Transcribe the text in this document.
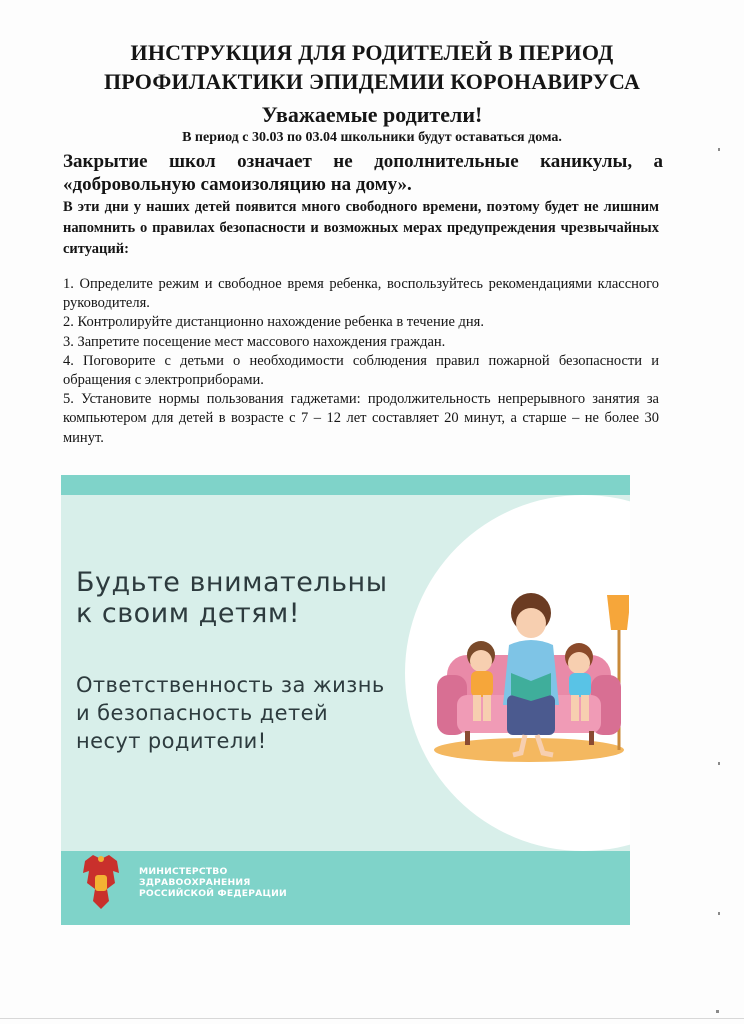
ИНСТРУКЦИЯ ДЛЯ РОДИТЕЛЕЙ В ПЕРИОД
ПРОФИЛАКТИКИ ЭПИДЕМИИ КОРОНАВИРУСА
Уважаемые родители!
В период с 30.03 по 03.04 школьники будут оставаться дома.
Закрытие школ означает не дополнительные каникулы, а «добровольную самоизоляцию на дому».
В эти дни у наших детей появится много свободного времени, поэтому будет не лишним напомнить о правилах безопасности и возможных мерах предупреждения чрезвычайных ситуаций:

1. Определите режим и свободное время ребенка, воспользуйтесь рекомендациями классного руководителя.

2. Контролируйте дистанционно нахождение ребенка в течение дня.

3. Запретите посещение мест массового нахождения граждан.

4. Поговорите с детьми о необходимости соблюдения правил пожарной безопасности и обращения с электроприборами.

5. Установите нормы пользования гаджетами: продолжительность непрерывного занятия за компьютером для детей в возрасте с 7 – 12 лет составляет 20 минут, а старше – не более 30 минут.

Будьте внимательны
к своим детям!
Ответственность за жизнь
и безопасность детей
несут родители!
МИНИСТЕРСТВО
ЗДРАВООХРАНЕНИЯ
РОССИЙСКОЙ ФЕДЕРАЦИИ
